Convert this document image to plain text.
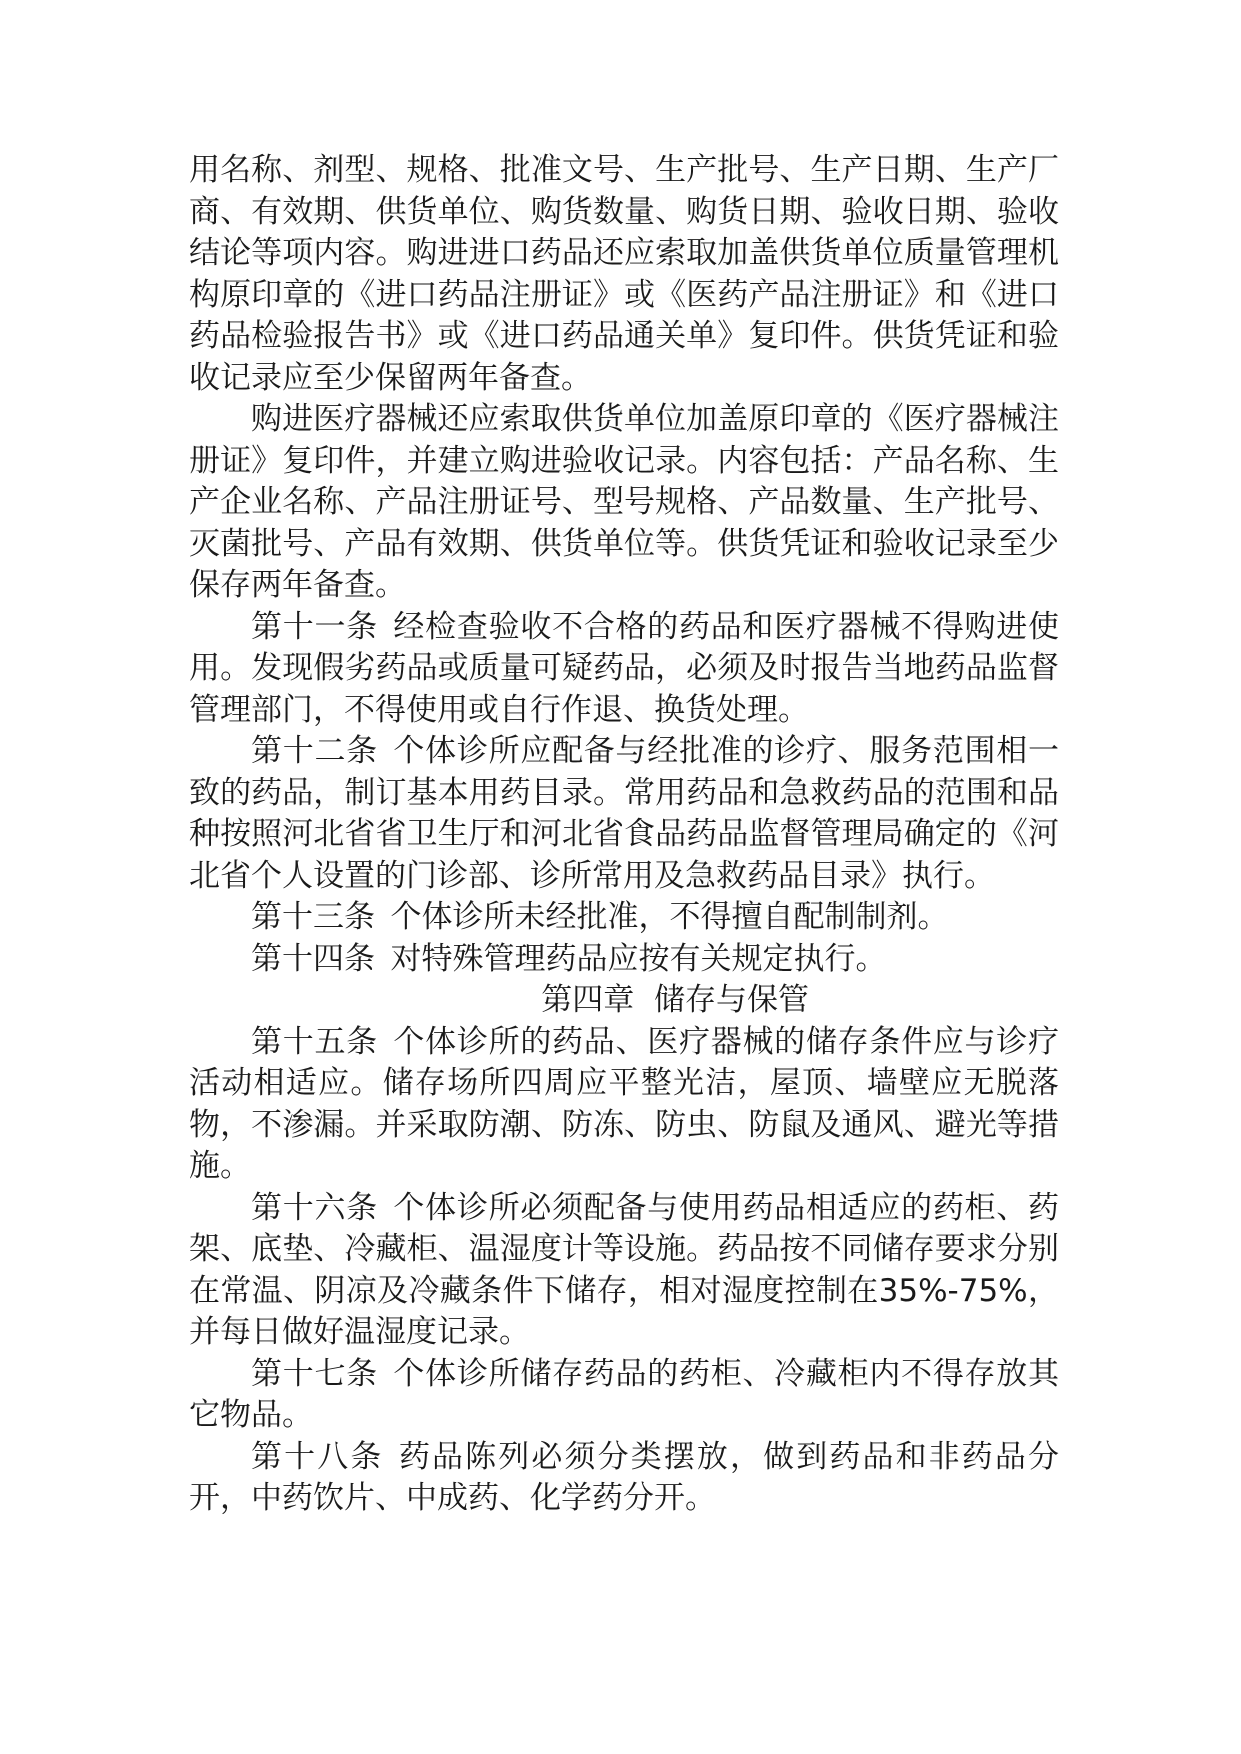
用名称、剂型、规格、批准文号、生产批号、生产日期、生产厂商、有效期、供货单位、购货数量、购货日期、验收日期、验收结论等项内容。购进进口药品还应索取加盖供货单位质量管理机构原印章的《进口药品注册证》或《医药产品注册证》和《进口药品检验报告书》或《进口药品通关单》复印件。供货凭证和验收记录应至少保留两年备查。

购进医疗器械还应索取供货单位加盖原印章的《医疗器械注册证》复印件，并建立购进验收记录。内容包括：产品名称、生产企业名称、产品注册证号、型号规格、产品数量、生产批号、灭菌批号、产品有效期、供货单位等。供货凭证和验收记录至少保存两年备查。

第十一条 经检查验收不合格的药品和医疗器械不得购进使用。发现假劣药品或质量可疑药品，必须及时报告当地药品监督管理部门，不得使用或自行作退、换货处理。

第十二条 个体诊所应配备与经批准的诊疗、服务范围相一致的药品，制订基本用药目录。常用药品和急救药品的范围和品种按照河北省省卫生厅和河北省食品药品监督管理局确定的《河北省个人设置的门诊部、诊所常用及急救药品目录》执行。

第十三条 个体诊所未经批准，不得擅自配制制剂。

第十四条 对特殊管理药品应按有关规定执行。

第四章  储存与保管

第十五条 个体诊所的药品、医疗器械的储存条件应与诊疗活动相适应。储存场所四周应平整光洁，屋顶、墙壁应无脱落物，不渗漏。并采取防潮、防冻、防虫、防鼠及通风、避光等措施。

第十六条 个体诊所必须配备与使用药品相适应的药柜、药架、底垫、冷藏柜、温湿度计等设施。药品按不同储存要求分别在常温、阴凉及冷藏条件下储存，相对湿度控制在35%-75%，并每日做好温湿度记录。

第十七条 个体诊所储存药品的药柜、冷藏柜内不得存放其它物品。

第十八条 药品陈列必须分类摆放，做到药品和非药品分开，中药饮片、中成药、化学药分开。
